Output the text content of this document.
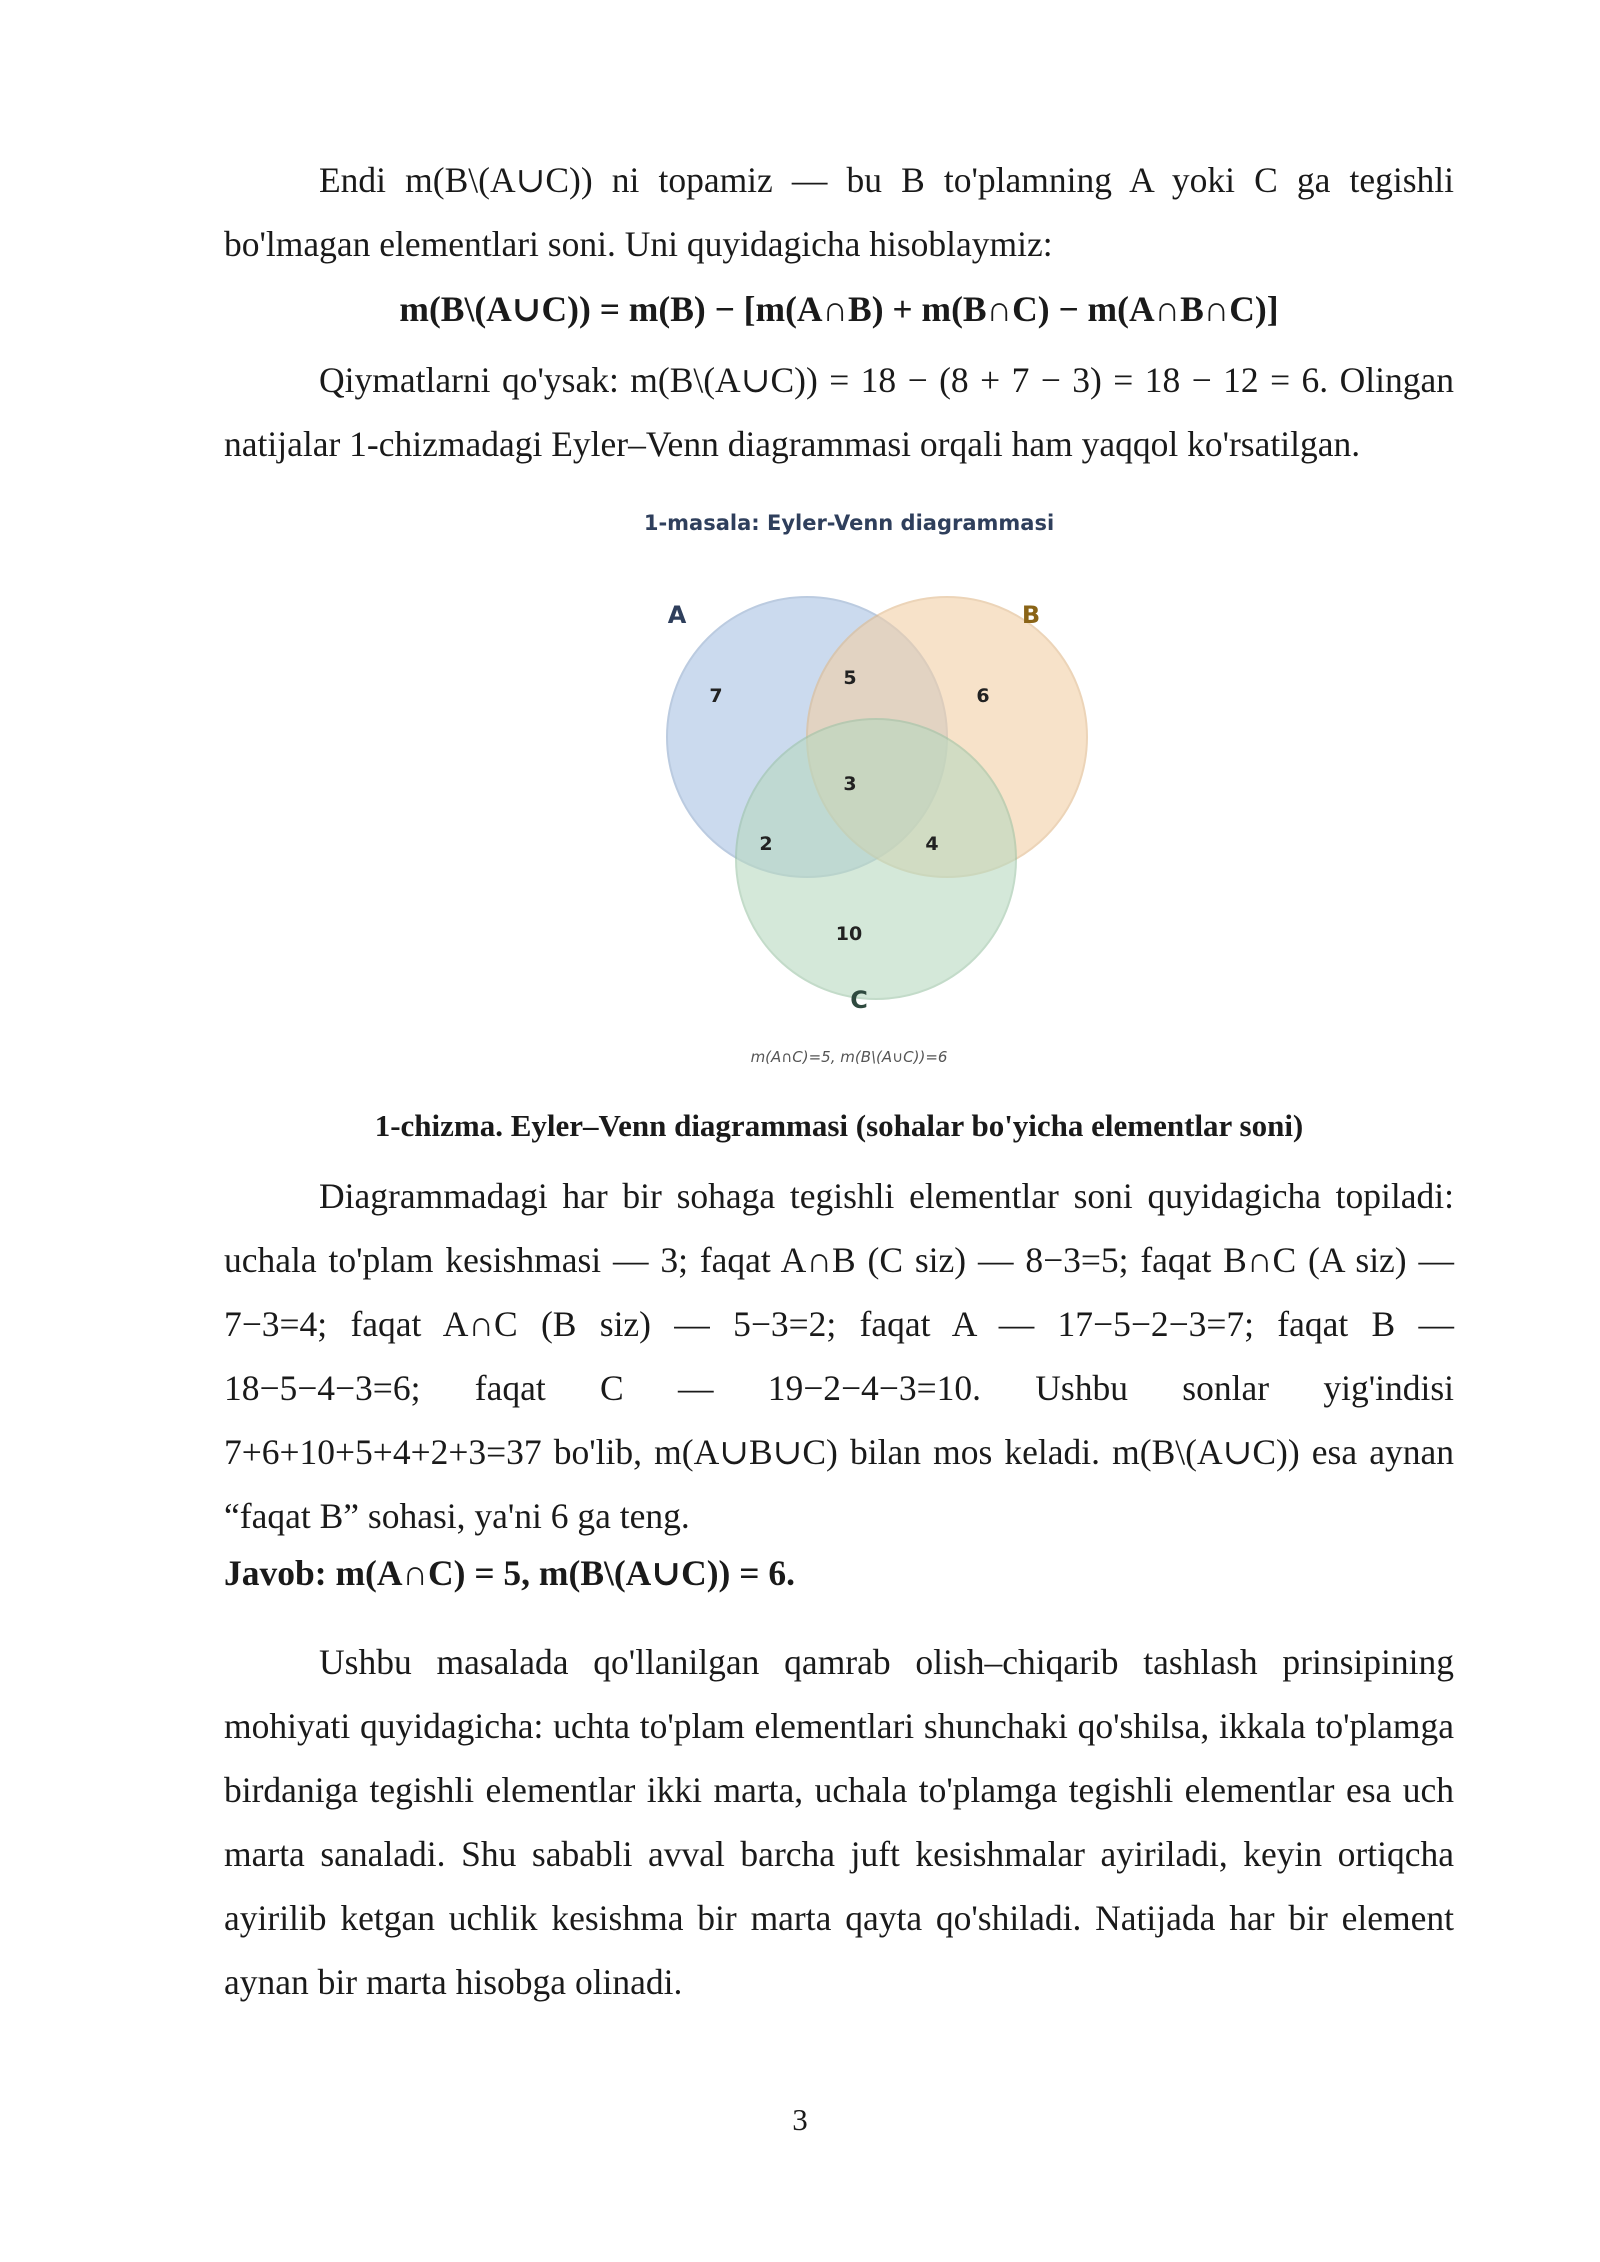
Endi m(B\(A∪C)) ni topamiz — bu B to'plamning A yoki C ga tegishli bo'lmagan elementlari soni. Uni quyidagicha hisoblaymiz:

m(B\(A∪C)) = m(B) − [m(A∩B) + m(B∩C) − m(A∩B∩C)]

Qiymatlarni qo'ysak: m(B\(A∪C)) = 18 − (8 + 7 − 3) = 18 − 12 = 6. Olingan natijalar 1-chizmadagi Eyler–Venn diagrammasi orqali ham yaqqol ko'rsatilgan.

1-masala: Eyler-Venn diagrammasi
A	B
C
7
5
6
3
2	4
10
m(A∩C)=5, m(B\(A∪C))=6

1-chizma. Eyler–Venn diagrammasi (sohalar bo'yicha elementlar soni)

Diagrammadagi har bir sohaga tegishli elementlar soni quyidagicha topiladi: uchala to'plam kesishmasi — 3; faqat A∩B (C siz) — 8−3=5; faqat B∩C (A siz) — 7−3=4; faqat A∩C (B siz) — 5−3=2; faqat A — 17−5−2−3=7; faqat B — 18−5−4−3=6; faqat C — 19−2−4−3=10. Ushbu sonlar yig'indisi 7+6+10+5+4+2+3=37 bo'lib, m(A∪B∪C) bilan mos keladi. m(B\(A∪C)) esa aynan “faqat B” sohasi, ya'ni 6 ga teng.

Javob: m(A∩C) = 5, m(B\(A∪C)) = 6.

Ushbu masalada qo'llanilgan qamrab olish–chiqarib tashlash prinsipining mohiyati quyidagicha: uchta to'plam elementlari shunchaki qo'shilsa, ikkala to'plamga birdaniga tegishli elementlar ikki marta, uchala to'plamga tegishli elementlar esa uch marta sanaladi. Shu sababli avval barcha juft kesishmalar ayiriladi, keyin ortiqcha ayirilib ketgan uchlik kesishma bir marta qayta qo'shiladi. Natijada har bir element aynan bir marta hisobga olinadi.

3
